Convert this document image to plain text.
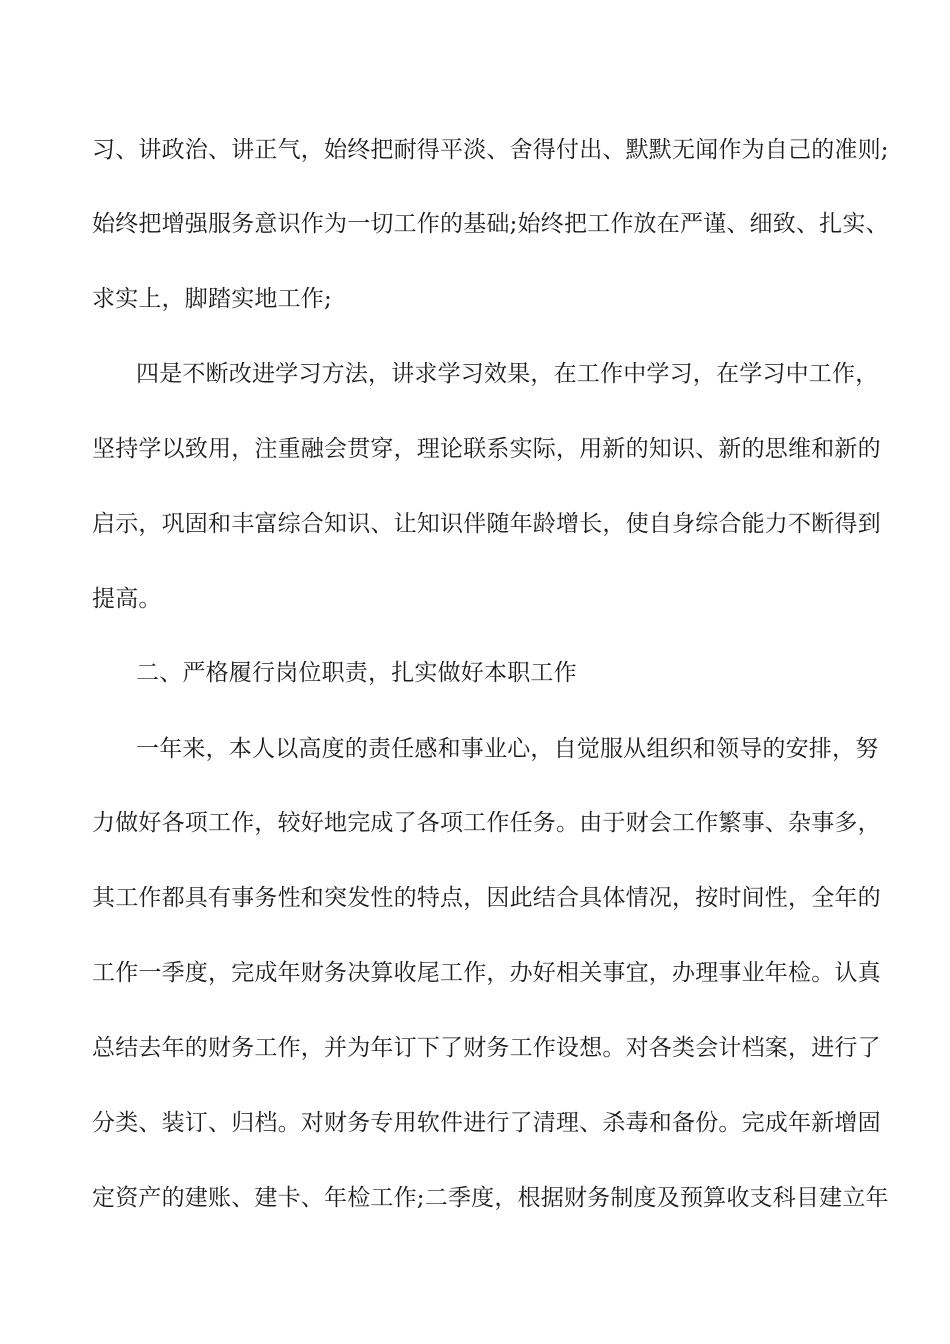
习、讲政治、讲正气，始终把耐得平淡、舍得付出、默默无闻作为自己的准则;
始终把增强服务意识作为一切工作的基础;始终把工作放在严谨、细致、扎实、
求实上，脚踏实地工作;
四是不断改进学习方法，讲求学习效果，在工作中学习，在学习中工作，
坚持学以致用，注重融会贯穿，理论联系实际，用新的知识、新的思维和新的
启示，巩固和丰富综合知识、让知识伴随年龄增长，使自身综合能力不断得到
提高。
二、严格履行岗位职责，扎实做好本职工作
一年来，本人以高度的责任感和事业心，自觉服从组织和领导的安排，努
力做好各项工作，较好地完成了各项工作任务。由于财会工作繁事、杂事多，
其工作都具有事务性和突发性的特点，因此结合具体情况，按时间性，全年的
工作一季度，完成年财务决算收尾工作，办好相关事宜，办理事业年检。认真
总结去年的财务工作，并为年订下了财务工作设想。对各类会计档案，进行了
分类、装订、归档。对财务专用软件进行了清理、杀毒和备份。完成年新增固
定资产的建账、建卡、年检工作;二季度，根据财务制度及预算收支科目建立年
